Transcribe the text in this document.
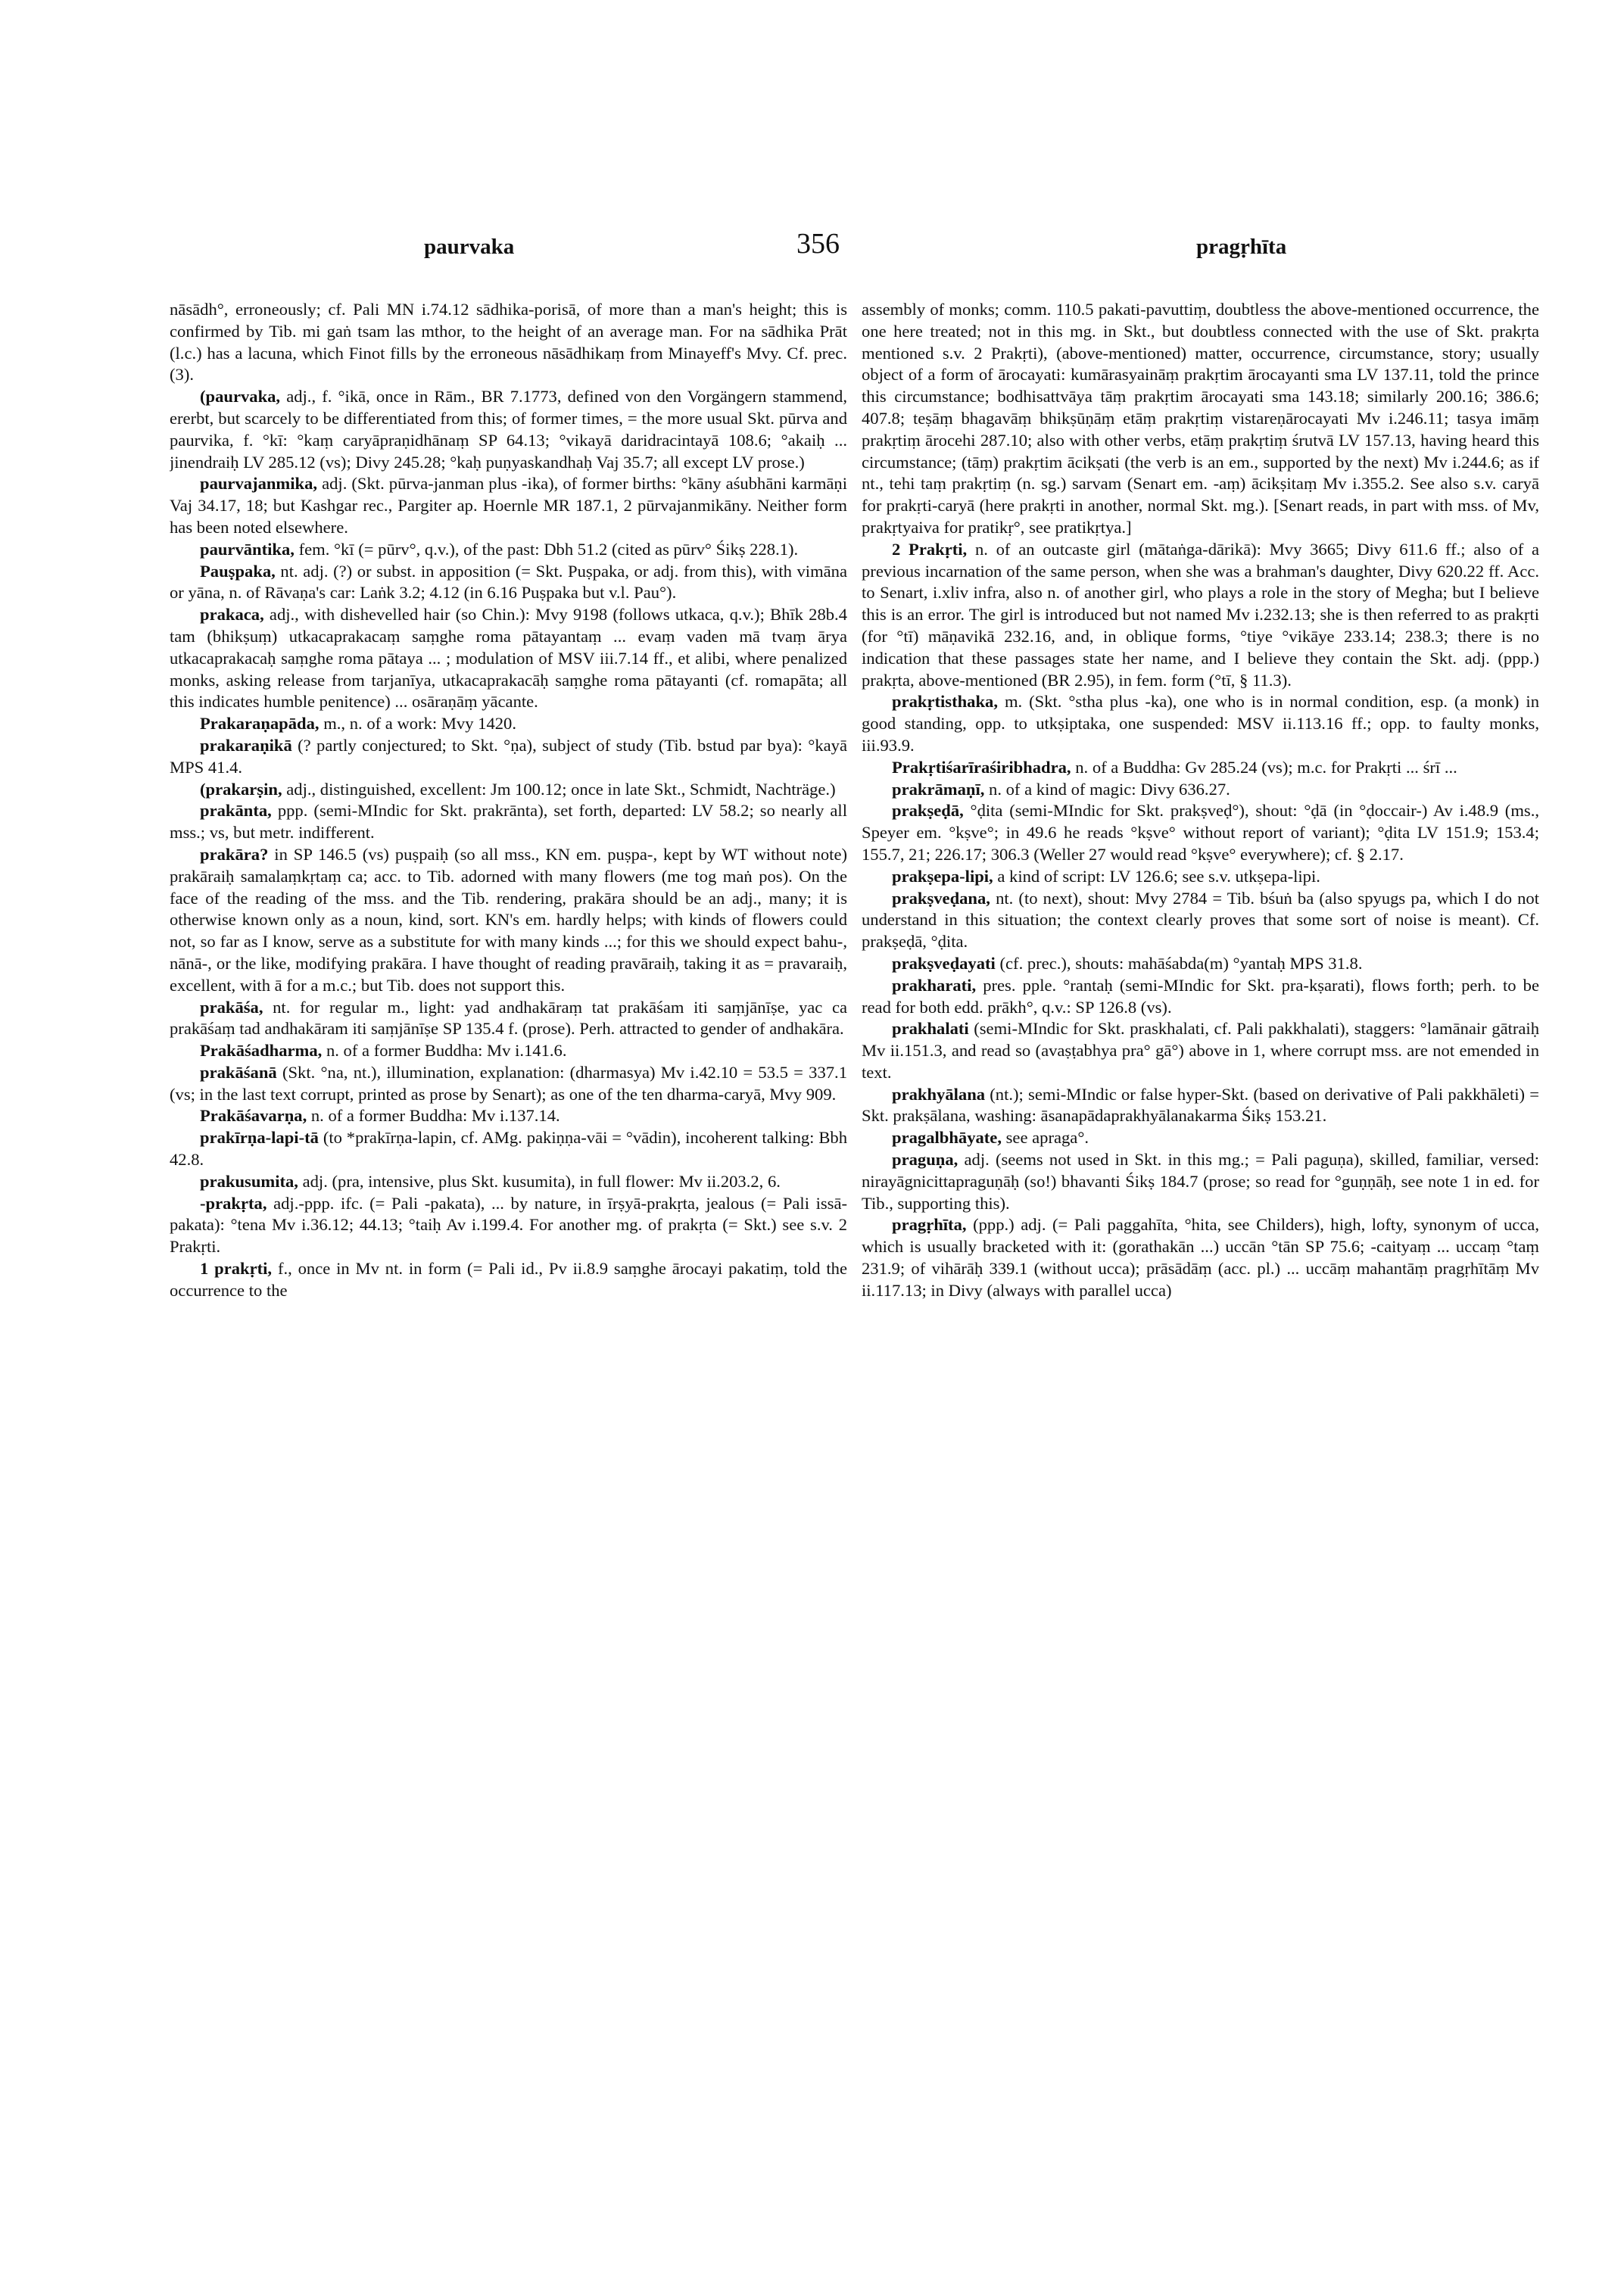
paurvaka	356	pragṛhīta

nāsādh°, erroneously; cf. Pali MN i.74.12 sādhika-porisā, of more than a man's height; this is confirmed by Tib. mi gaṅ tsam las mthor, to the height of an average man. For na sādhika Prāt (l.c.) has a lacuna, which Finot fills by the erroneous nāsādhikaṃ from Minayeff's Mvy. Cf. prec. (3).

(paurvaka, adj., f. °ikā, once in Rām., BR 7.1773, defined von den Vorgängern stammend, ererbt, but scarcely to be differentiated from this; of former times, = the more usual Skt. pūrva and paurvika, f. °kī: °kaṃ caryāpraṇidhānaṃ SP 64.13; °vikayā daridracintayā 108.6; °akaiḥ ... jinendraiḥ LV 285.12 (vs); Divy 245.28; °kaḥ puṇyaskandhaḥ Vaj 35.7; all except LV prose.)

paurvajanmika, adj. (Skt. pūrva-janman plus -ika), of former births: °kāny aśubhāni karmāṇi Vaj 34.17, 18; but Kashgar rec., Pargiter ap. Hoernle MR 187.1, 2 pūrvajanmikāny. Neither form has been noted elsewhere.

paurvāntika, fem. °kī (= pūrv°, q.v.), of the past: Dbh 51.2 (cited as pūrv° Śikṣ 228.1).

Pauṣpaka, nt. adj. (?) or subst. in apposition (= Skt. Puṣpaka, or adj. from this), with vimāna or yāna, n. of Rāvaṇa's car: Laṅk 3.2; 4.12 (in 6.16 Puṣpaka but v.l. Pau°).

prakaca, adj., with dishevelled hair (so Chin.): Mvy 9198 (follows utkaca, q.v.); Bhīk 28b.4 tam (bhikṣuṃ) utkacaprakacaṃ saṃghe roma pātayantaṃ ... evaṃ vaden mā tvaṃ ārya utkacaprakacaḥ saṃghe roma pātaya ... ; modulation of MSV iii.7.14 ff., et alibi, where penalized monks, asking release from tarjanīya, utkacaprakacāḥ saṃghe roma pātayanti (cf. romapāta; all this indicates humble penitence) ... osāraṇāṃ yācante.

Prakaraṇapāda, m., n. of a work: Mvy 1420.

prakaraṇikā (? partly conjectured; to Skt. °ṇa), subject of study (Tib. bstud par bya): °kayā MPS 41.4.

(prakarṣin, adj., distinguished, excellent: Jm 100.12; once in late Skt., Schmidt, Nachträge.)

prakānta, ppp. (semi-MIndic for Skt. prakrānta), set forth, departed: LV 58.2; so nearly all mss.; vs, but metr. indifferent.

prakāra? in SP 146.5 (vs) puṣpaiḥ (so all mss., KN em. puṣpa-, kept by WT without note) prakāraiḥ samalaṃkṛtaṃ ca; acc. to Tib. adorned with many flowers (me tog maṅ pos). On the face of the reading of the mss. and the Tib. rendering, prakāra should be an adj., many; it is otherwise known only as a noun, kind, sort. KN's em. hardly helps; with kinds of flowers could not, so far as I know, serve as a substitute for with many kinds ...; for this we should expect bahu-, nānā-, or the like, modifying prakāra. I have thought of reading pravāraiḥ, taking it as = pravaraiḥ, excellent, with ā for a m.c.; but Tib. does not support this.

prakāśa, nt. for regular m., light: yad andhakāraṃ tat prakāśam iti saṃjānīṣe, yac ca prakāśaṃ tad andhakāram iti saṃjānīṣe SP 135.4 f. (prose). Perh. attracted to gender of andhakāra.

Prakāśadharma, n. of a former Buddha: Mv i.141.6.

prakāśanā (Skt. °na, nt.), illumination, explanation: (dharmasya) Mv i.42.10 = 53.5 = 337.1 (vs; in the last text corrupt, printed as prose by Senart); as one of the ten dharma-caryā, Mvy 909.

Prakāśavarṇa, n. of a former Buddha: Mv i.137.14.

prakīrṇa-lapi-tā (to *prakīrṇa-lapin, cf. AMg. pakiṇṇa-vāi = °vādin), incoherent talking: Bbh 42.8.

prakusumita, adj. (pra, intensive, plus Skt. kusumita), in full flower: Mv ii.203.2, 6.

-prakṛta, adj.-ppp. ifc. (= Pali -pakata), ... by nature, in īrṣyā-prakṛta, jealous (= Pali issā-pakata): °tena Mv i.36.12; 44.13; °taiḥ Av i.199.4. For another mg. of prakṛta (= Skt.) see s.v. 2 Prakṛti.

1 prakṛti, f., once in Mv nt. in form (= Pali id., Pv ii.8.9 saṃghe ārocayi pakatiṃ, told the occurrence to the

assembly of monks; comm. 110.5 pakati-pavuttiṃ, doubtless the above-mentioned occurrence, the one here treated; not in this mg. in Skt., but doubtless connected with the use of Skt. prakṛta mentioned s.v. 2 Prakṛti), (above-mentioned) matter, occurrence, circumstance, story; usually object of a form of ārocayati: kumārasyaināṃ prakṛtim ārocayanti sma LV 137.11, told the prince this circumstance; bodhisattvāya tāṃ prakṛtim ārocayati sma 143.18; similarly 200.16; 386.6; 407.8; teṣāṃ bhagavāṃ bhikṣūṇāṃ etāṃ prakṛtiṃ vistareṇārocayati Mv i.246.11; tasya imāṃ prakṛtiṃ ārocehi 287.10; also with other verbs, etāṃ prakṛtiṃ śrutvā LV 157.13, having heard this circumstance; (tāṃ) prakṛtim ācikṣati (the verb is an em., supported by the next) Mv i.244.6; as if nt., tehi taṃ prakṛtiṃ (n. sg.) sarvam (Senart em. -aṃ) ācikṣitaṃ Mv i.355.2. See also s.v. caryā for prakṛti-caryā (here prakṛti in another, normal Skt. mg.). [Senart reads, in part with mss. of Mv, prakṛtyaiva for pratikṛ°, see pratikṛtya.]

2 Prakṛti, n. of an outcaste girl (mātaṅga-dārikā): Mvy 3665; Divy 611.6 ff.; also of a previous incarnation of the same person, when she was a brahman's daughter, Divy 620.22 ff. Acc. to Senart, i.xliv infra, also n. of another girl, who plays a role in the story of Megha; but I believe this is an error. The girl is introduced but not named Mv i.232.13; she is then referred to as prakṛti (for °tī) māṇavikā 232.16, and, in oblique forms, °tiye °vikāye 233.14; 238.3; there is no indication that these passages state her name, and I believe they contain the Skt. adj. (ppp.) prakṛta, above-mentioned (BR 2.95), in fem. form (°tī, § 11.3).

prakṛtisthaka, m. (Skt. °stha plus -ka), one who is in normal condition, esp. (a monk) in good standing, opp. to utkṣiptaka, one suspended: MSV ii.113.16 ff.; opp. to faulty monks, iii.93.9.

Prakṛtiśarīraśiribhadra, n. of a Buddha: Gv 285.24 (vs); m.c. for Prakṛti ... śrī ...

prakrāmaṇī, n. of a kind of magic: Divy 636.27.

prakṣeḍā, °ḍita (semi-MIndic for Skt. prakṣveḍ°), shout: °ḍā (in °ḍoccair-) Av i.48.9 (ms., Speyer em. °kṣve°; in 49.6 he reads °kṣve° without report of variant); °ḍita LV 151.9; 153.4; 155.7, 21; 226.17; 306.3 (Weller 27 would read °kṣve° everywhere); cf. § 2.17.

prakṣepa-lipi, a kind of script: LV 126.6; see s.v. utkṣepa-lipi.

prakṣveḍana, nt. (to next), shout: Mvy 2784 = Tib. bśuṅ ba (also spyugs pa, which I do not understand in this situation; the context clearly proves that some sort of noise is meant). Cf. prakṣeḍā, °ḍita.

prakṣveḍayati (cf. prec.), shouts: mahāśabda(m) °yantaḥ MPS 31.8.

prakharati, pres. pple. °rantaḥ (semi-MIndic for Skt. pra-kṣarati), flows forth; perh. to be read for both edd. prākh°, q.v.: SP 126.8 (vs).

prakhalati (semi-MIndic for Skt. praskhalati, cf. Pali pakkhalati), staggers: °lamānair gātraiḥ Mv ii.151.3, and read so (avaṣṭabhya pra° gā°) above in 1, where corrupt mss. are not emended in text.

prakhyālana (nt.); semi-MIndic or false hyper-Skt. (based on derivative of Pali pakkhāleti) = Skt. prakṣālana, washing: āsanapādaprakhyālanakarma Śikṣ 153.21.

pragalbhāyate, see apraga°.

praguṇa, adj. (seems not used in Skt. in this mg.; = Pali paguṇa), skilled, familiar, versed: nirayāgnicittapraguṇāḥ (so!) bhavanti Śikṣ 184.7 (prose; so read for °guṇṇāḥ, see note 1 in ed. for Tib., supporting this).

pragṛhīta, (ppp.) adj. (= Pali paggahīta, °hita, see Childers), high, lofty, synonym of ucca, which is usually bracketed with it: (gorathakān ...) uccān °tān SP 75.6; -caityaṃ ... uccaṃ °taṃ 231.9; of vihārāḥ 339.1 (without ucca); prāsādāṃ (acc. pl.) ... uccāṃ mahantāṃ pragṛhītāṃ Mv ii.117.13; in Divy (always with parallel ucca)
